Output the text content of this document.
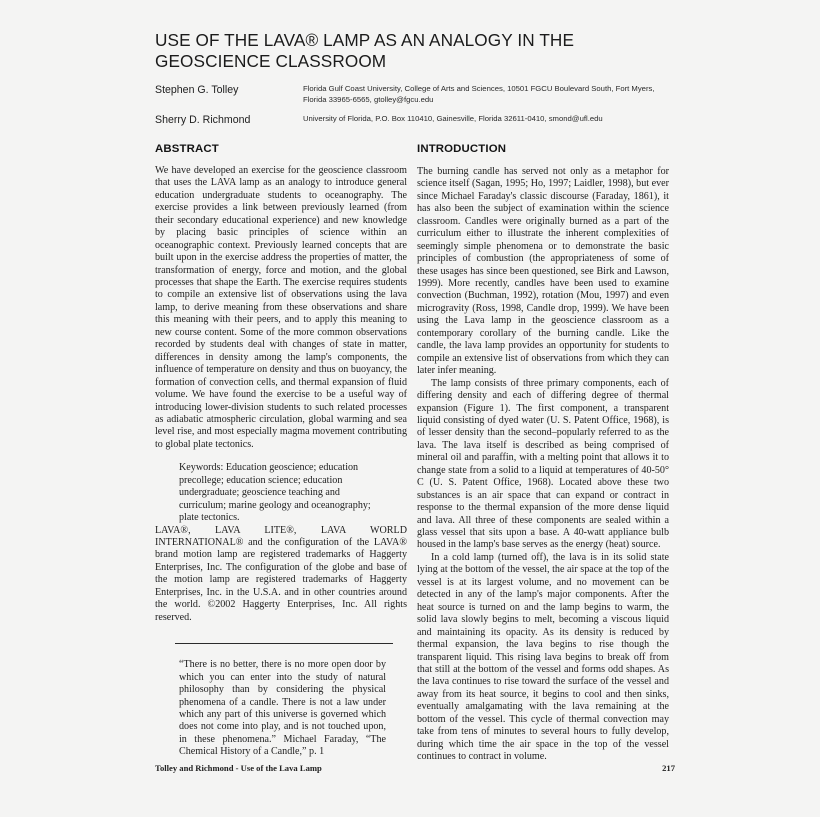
USE OF THE LAVA® LAMP AS AN ANALOGY IN THE GEOSCIENCE CLASSROOM
Stephen G. Tolley	Florida Gulf Coast University, College of Arts and Sciences, 10501 FGCU Boulevard South, Fort Myers, Florida 33965-6565, gtolley@fgcu.edu
Sherry D. Richmond	University of Florida, P.O. Box 110410, Gainesville, Florida 32611-0410, smond@ufl.edu
ABSTRACT

We have developed an exercise for the geoscience classroom that uses the LAVA lamp as an analogy to introduce general education undergraduate students to oceanography. The exercise provides a link between previously learned (from their secondary educational experience) and new knowledge by placing basic principles of science within an oceanographic context. Previously learned concepts that are built upon in the exercise address the properties of matter, the transformation of energy, force and motion, and the global processes that shape the Earth. The exercise requires students to compile an extensive list of observations using the lava lamp, to derive meaning from these observations and share this meaning with their peers, and to apply this meaning to new course content. Some of the more common observations recorded by students deal with changes of state in matter, differences in density among the lamp's components, the influence of temperature on density and thus on buoyancy, the formation of convection cells, and thermal expansion of fluid volume. We have found the exercise to be a useful way of introducing lower-division students to such related processes as adiabatic atmospheric circulation, global warming and sea level rise, and most especially magma movement contributing to global plate tectonics.

Keywords: Education geoscience; education precollege; education science; education undergraduate; geoscience teaching and curriculum; marine geology and oceanography; plate tectonics.

LAVA®, LAVA LITE®, LAVA WORLD INTERNATIONAL® and the configuration of the LAVA® brand motion lamp are registered trademarks of Haggerty Enterprises, Inc. The configuration of the globe and base of the motion lamp are registered trademarks of Haggerty Enterprises, Inc. in the U.S.A. and in other countries around the world. ©2002 Haggerty Enterprises, Inc. All rights reserved.

“There is no better, there is no more open door by which you can enter into the study of natural philosophy than by considering the physical phenomena of a candle. There is not a law under which any part of this universe is governed which does not come into play, and is not touched upon, in these phenomena.” Michael Faraday, “The Chemical History of a Candle,” p. 1

INTRODUCTION

The burning candle has served not only as a metaphor for science itself (Sagan, 1995; Ho, 1997; Laidler, 1998), but ever since Michael Faraday's classic discourse (Faraday, 1861), it has also been the subject of examination within the science classroom. Candles were originally burned as a part of the curriculum either to illustrate the inherent complexities of seemingly simple phenomena or to demonstrate the basic principles of combustion (the appropriateness of some of these usages has since been questioned, see Birk and Lawson, 1999). More recently, candles have been used to examine convection (Buchman, 1992), rotation (Mou, 1997) and even microgravity (Ross, 1998, Candle drop, 1999). We have been using the Lava lamp in the geoscience classroom as a contemporary corollary of the burning candle. Like the candle, the lava lamp provides an opportunity for students to compile an extensive list of observations from which they can later infer meaning.

The lamp consists of three primary components, each of differing density and each of differing degree of thermal expansion (Figure 1). The first component, a transparent liquid consisting of dyed water (U. S. Patent Office, 1968), is of lesser density than the second–popularly referred to as the lava. The lava itself is described as being comprised of mineral oil and paraffin, with a melting point that allows it to change state from a solid to a liquid at temperatures of 40-50° C (U. S. Patent Office, 1968). Located above these two substances is an air space that can expand or contract in response to the thermal expansion of the more dense liquid and lava. All three of these components are sealed within a glass vessel that sits upon a base. A 40-watt appliance bulb housed in the lamp's base serves as the energy (heat) source.

In a cold lamp (turned off), the lava is in its solid state lying at the bottom of the vessel, the air space at the top of the vessel is at its largest volume, and no movement can be detected in any of the lamp's major components. After the heat source is turned on and the lamp begins to warm, the solid lava slowly begins to melt, becoming a viscous liquid and maintaining its opacity. As its density is reduced by thermal expansion, the lava begins to rise though the transparent liquid. This rising lava begins to break off from that still at the bottom of the vessel and forms odd shapes. As the lava continues to rise toward the surface of the vessel and away from its heat source, it begins to cool and then sinks, eventually amalgamating with the lava remaining at the bottom of the vessel. This cycle of thermal convection may take from tens of minutes to several hours to fully develop, during which time the air space in the top of the vessel continues to contract in volume.

Tolley and Richmond - Use of the Lava Lamp	217
